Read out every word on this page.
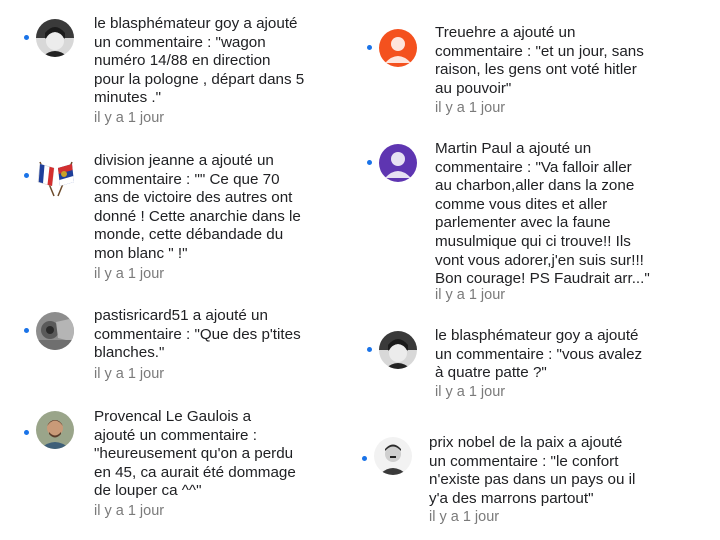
le blasphémateur goy a ajouté
un commentaire : "wagon
numéro 14/88 en direction
pour la pologne , départ dans 5
minutes ."
il y a 1 jour
division jeanne a ajouté un
commentaire : "" Ce que 70
ans de victoire des autres ont
donné ! Cette anarchie dans le
monde, cette débandade du
mon blanc " !"
il y a 1 jour
pastisricard51 a ajouté un
commentaire : "Que des p'tites
blanches."
il y a 1 jour
Provencal Le Gaulois a
ajouté un commentaire :
"heureusement qu'on a perdu
en 45, ca aurait été dommage
de louper ca ^^"
il y a 1 jour
Treuehre a ajouté un
commentaire : "et un jour, sans
raison, les gens ont voté hitler
au pouvoir"
il y a 1 jour
Martin Paul a ajouté un
commentaire : "Va falloir aller
au charbon,aller dans la zone
comme vous dites et aller
parlementer avec la faune
musulmique qui ci trouve!! Ils
vont vous adorer,j'en suis sur!!!
Bon courage! PS Faudrait arr..."
il y a 1 jour
le blasphémateur goy a ajouté
un commentaire : "vous avalez
à quatre patte ?"
il y a 1 jour
prix nobel de la paix a ajouté
un commentaire : "le confort
n'existe pas dans un pays ou il
y'a des marrons partout"
il y a 1 jour
